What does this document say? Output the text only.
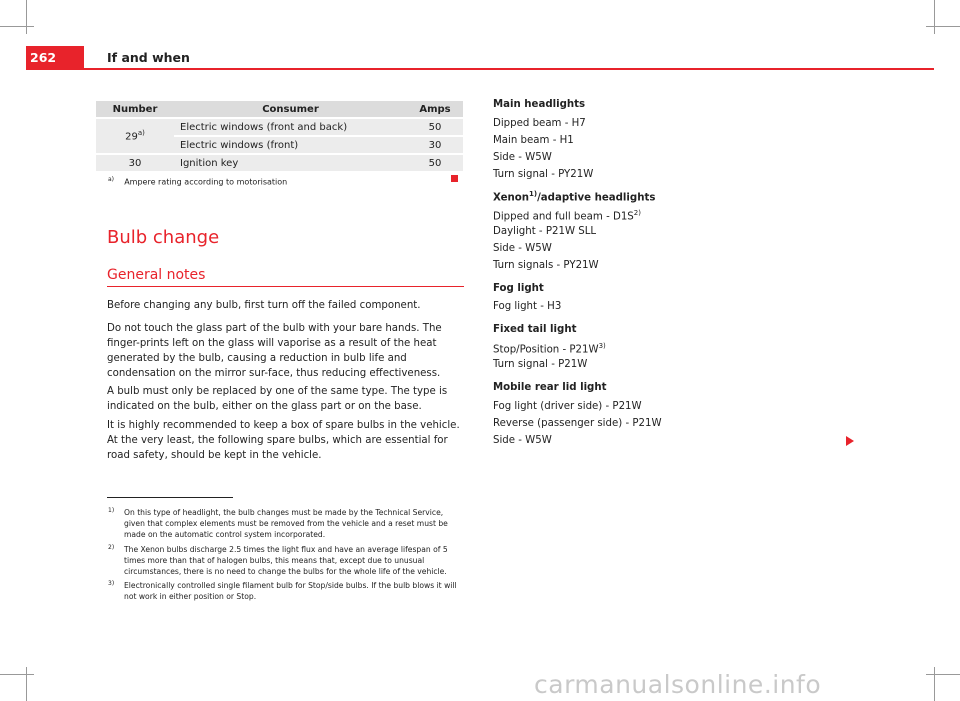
262	If and when
Number	Consumer	Amps
29$^{a)}$	Electric windows (front and back)	50
	Electric windows (front)	30
30	Ignition key	50
$^{a)}$ Ampere rating according to motorisation
Bulb change
General notes

Before changing any bulb, first turn off the failed component.

Do not touch the glass part of the bulb with your bare hands. The finger-prints left on the glass will vaporise as a result of the heat generated by the bulb, causing a reduction in bulb life and condensation on the mirror sur-face, thus reducing effectiveness.

A bulb must only be replaced by one of the same type. The type is indicated on the bulb, either on the glass part or on the base.

It is highly recommended to keep a box of spare bulbs in the vehicle. At the very least, the following spare bulbs, which are essential for road safety, should be kept in the vehicle.

Main headlights
Dipped beam - H7
Main beam - H1
Side - W5W
Turn signal - PY21W
Xenon$^{1)}$/adaptive headlights
Dipped and full beam - $D1S^{2)}$
Daylight - P21W SLL
Side - W5W
Turn signals - PY21W
Fog light
Fog light - H3
Fixed tail light
Stop/Position - $P21W^{3)}$
Turn signal - P21W
Mobile rear lid light
Fog light (driver side) - P21W
Reverse (passenger side) - P21W
Side - W5W
1)	On this type of headlight, the bulb changes must be made by the Technical Service, given that complex elements must be removed from the vehicle and a reset must be made on the automatic control system incorporated.
2)	The Xenon bulbs discharge 2.5 times the light flux and have an average lifespan of 5 times more than that of halogen bulbs, this means that, except due to unusual circumstances, there is no need to change the bulbs for the whole life of the vehicle.
3)	Electronically controlled single filament bulb for Stop/side bulbs. If the bulb blows it will not work in either position or Stop.
carmanualsonline.info
